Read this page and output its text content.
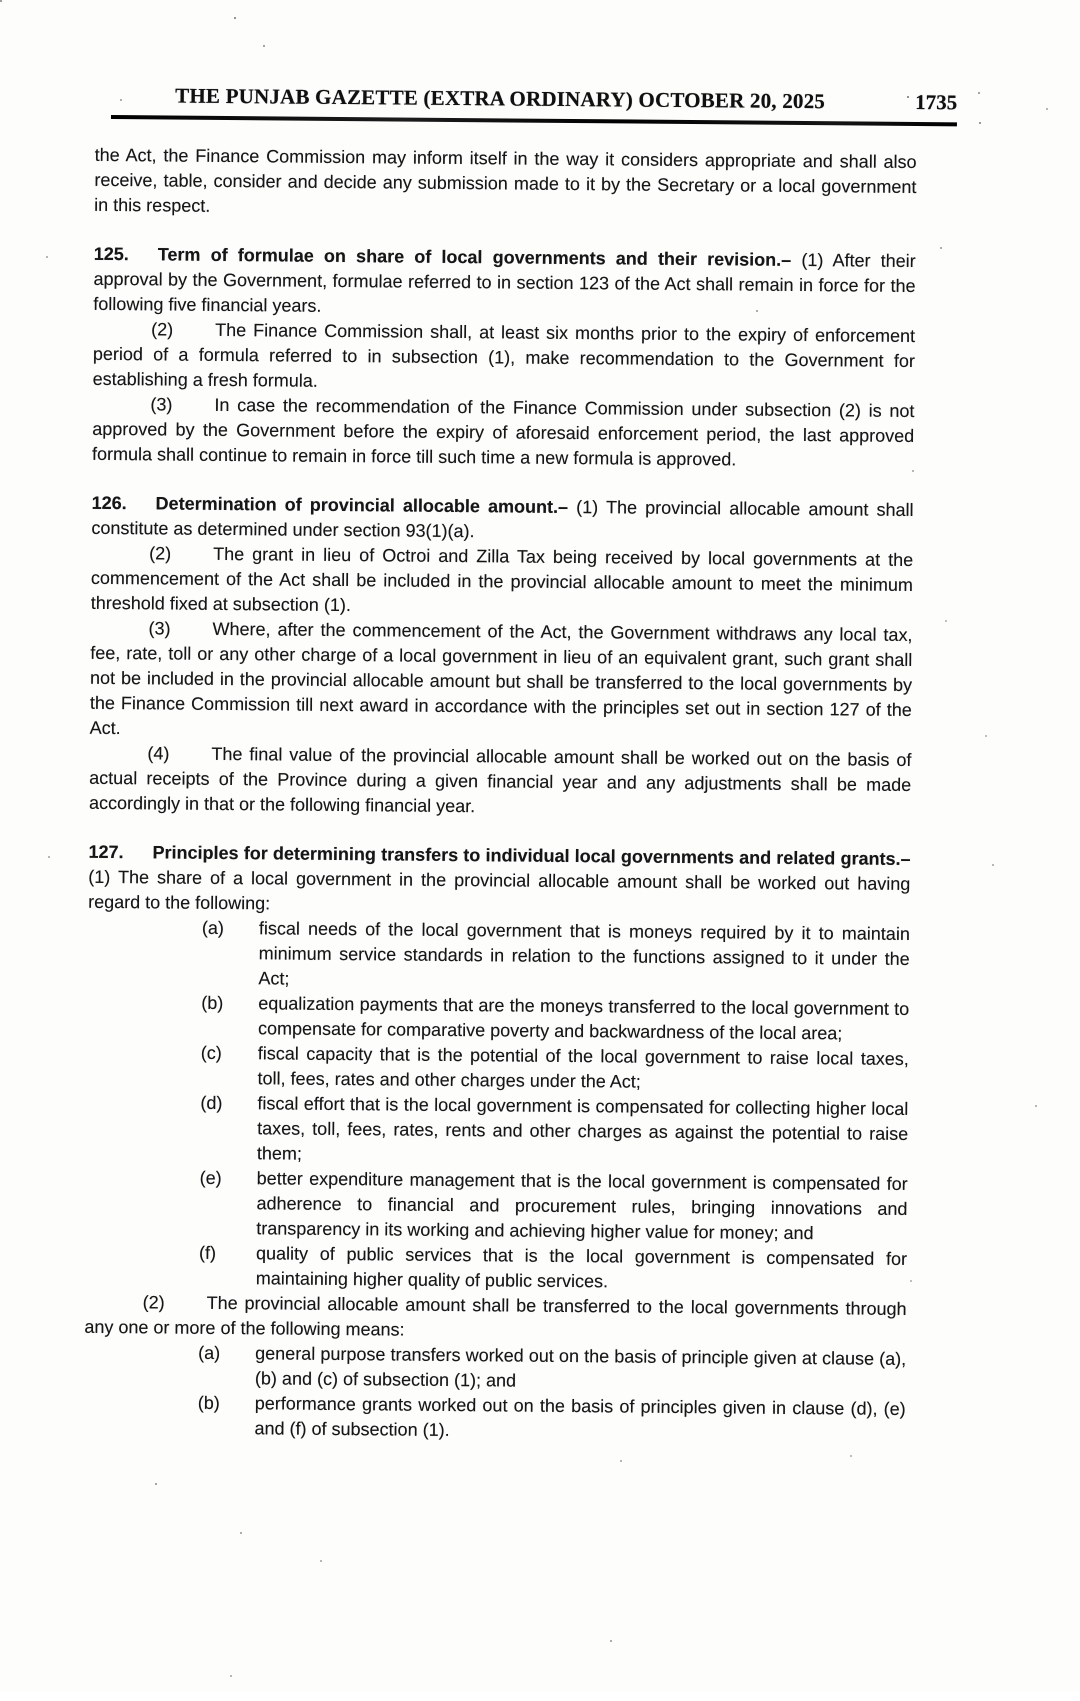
THE PUNJAB GAZETTE (EXTRA ORDINARY) OCTOBER 20, 2025	1735

the Act, the Finance Commission may inform itself in the way it considers appropriate and shall also receive, table, consider and decide any submission made to it by the Secretary or a local government in this respect.

125. Term of formulae on share of local governments and their revision.– (1) After their approval by the Government, formulae referred to in section 123 of the Act shall remain in force for the following five financial years.

(2) The Finance Commission shall, at least six months prior to the expiry of enforcement period of a formula referred to in subsection (1), make recommendation to the Government for establishing a fresh formula.

(3) In case the recommendation of the Finance Commission under subsection (2) is not approved by the Government before the expiry of aforesaid enforcement period, the last approved formula shall continue to remain in force till such time a new formula is approved.

126. Determination of provincial allocable amount.– (1) The provincial allocable amount shall constitute as determined under section 93(1)(a).

(2) The grant in lieu of Octroi and Zilla Tax being received by local governments at the commencement of the Act shall be included in the provincial allocable amount to meet the minimum threshold fixed at subsection (1).

(3) Where, after the commencement of the Act, the Government withdraws any local tax, fee, rate, toll or any other charge of a local government in lieu of an equivalent grant, such grant shall not be included in the provincial allocable amount but shall be transferred to the local governments by the Finance Commission till next award in accordance with the principles set out in section 127 of the Act.

(4) The final value of the provincial allocable amount shall be worked out on the basis of actual receipts of the Province during a given financial year and any adjustments shall be made accordingly in that or the following financial year.

127. Principles for determining transfers to individual local governments and related grants.– (1) The share of a local government in the provincial allocable amount shall be worked out having regard to the following:

(a) fiscal needs of the local government that is moneys required by it to maintain minimum service standards in relation to the functions assigned to it under the Act;

(b) equalization payments that are the moneys transferred to the local government to compensate for comparative poverty and backwardness of the local area;

(c) fiscal capacity that is the potential of the local government to raise local taxes, toll, fees, rates and other charges under the Act;

(d) fiscal effort that is the local government is compensated for collecting higher local taxes, toll, fees, rates, rents and other charges as against the potential to raise them;

(e) better expenditure management that is the local government is compensated for adherence to financial and procurement rules, bringing innovations and transparency in its working and achieving higher value for money; and

(f) quality of public services that is the local government is compensated for maintaining higher quality of public services.

(2) The provincial allocable amount shall be transferred to the local governments through any one or more of the following means:

(a) general purpose transfers worked out on the basis of principle given at clause (a), (b) and (c) of subsection (1); and

(b) performance grants worked out on the basis of principles given in clause (d), (e) and (f) of subsection (1).
